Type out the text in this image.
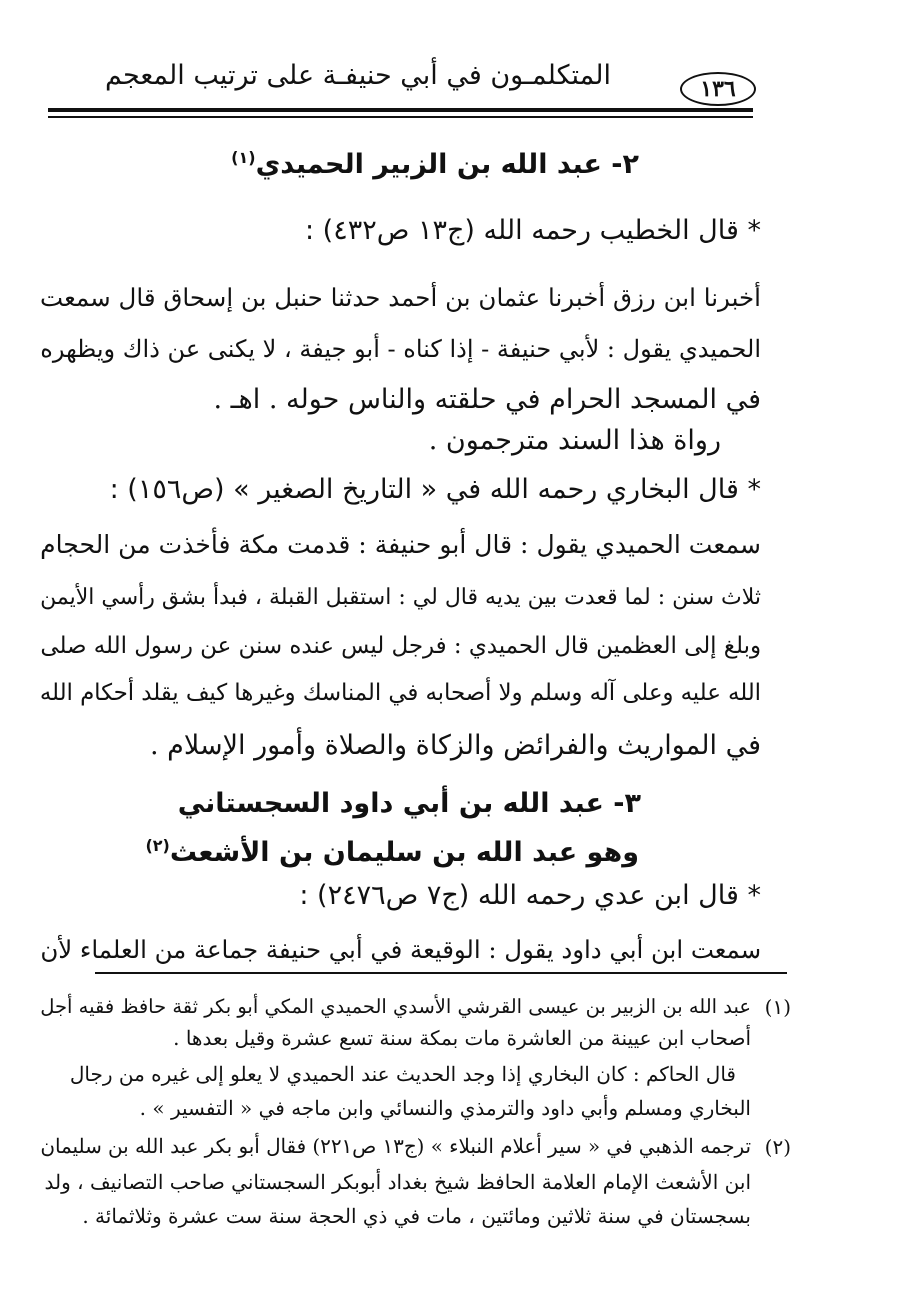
المتكلمـون في أبي حنيفـة على ترتيب المعجم	١٣٦
٢- عبد الله بن الزبير الحميدي$^{(١)}$
* قال الخطيب رحمه الله (ج١٣ ص٤٣٢) :
أخبرنا ابن رزق أخبرنا عثمان بن أحمد حدثنا حنبل بن إسحاق قال سمعت
الحميدي يقول : لأبي حنيفة - إذا كناه - أبو جيفة ، لا يكنى عن ذاك ويظهره
في المسجد الحرام في حلقته والناس حوله . اهـ .
رواة هذا السند مترجمون .
* قال البخاري رحمه الله في « التاريخ الصغير » (ص١٥٦) :
سمعت الحميدي يقول : قال أبو حنيفة : قدمت مكة فأخذت من الحجام
ثلاث سنن : لما قعدت بين يديه قال لي : استقبل القبلة ، فبدأ بشق رأسي الأيمن
وبلغ إلى العظمين قال الحميدي : فرجل ليس عنده سنن عن رسول الله صلى
الله عليه وعلى آله وسلم ولا أصحابه في المناسك وغيرها كيف يقلد أحكام الله
في المواريث والفرائض والزكاة والصلاة وأمور الإسلام .
٣- عبد الله بن أبي داود السجستاني
وهو عبد الله بن سليمان بن الأشعث$^{(٢)}$
* قال ابن عدي رحمه الله (ج٧ ص٢٤٧٦) :
سمعت ابن أبي داود يقول : الوقيعة في أبي حنيفة جماعة من العلماء لأن
(١)
عبد الله بن الزبير بن عيسى القرشي الأسدي الحميدي المكي أبو بكر ثقة حافظ فقيه أجل
أصحاب ابن عيينة من العاشرة مات بمكة سنة تسع عشرة وقيل بعدها .
قال الحاكم : كان البخاري إذا وجد الحديث عند الحميدي لا يعلو إلى غيره من رجال
البخاري ومسلم وأبي داود والترمذي والنسائي وابن ماجه في « التفسير » .
(٢)
ترجمه الذهبي في « سير أعلام النبلاء » (ج١٣ ص٢٢١) فقال أبو بكر عبد الله بن سليمان
ابن الأشعث الإمام العلامة الحافظ شيخ بغداد أبوبكر السجستاني صاحب التصانيف ، ولد
بسجستان في سنة ثلاثين ومائتين ، مات في ذي الحجة سنة ست عشرة وثلاثمائة .
